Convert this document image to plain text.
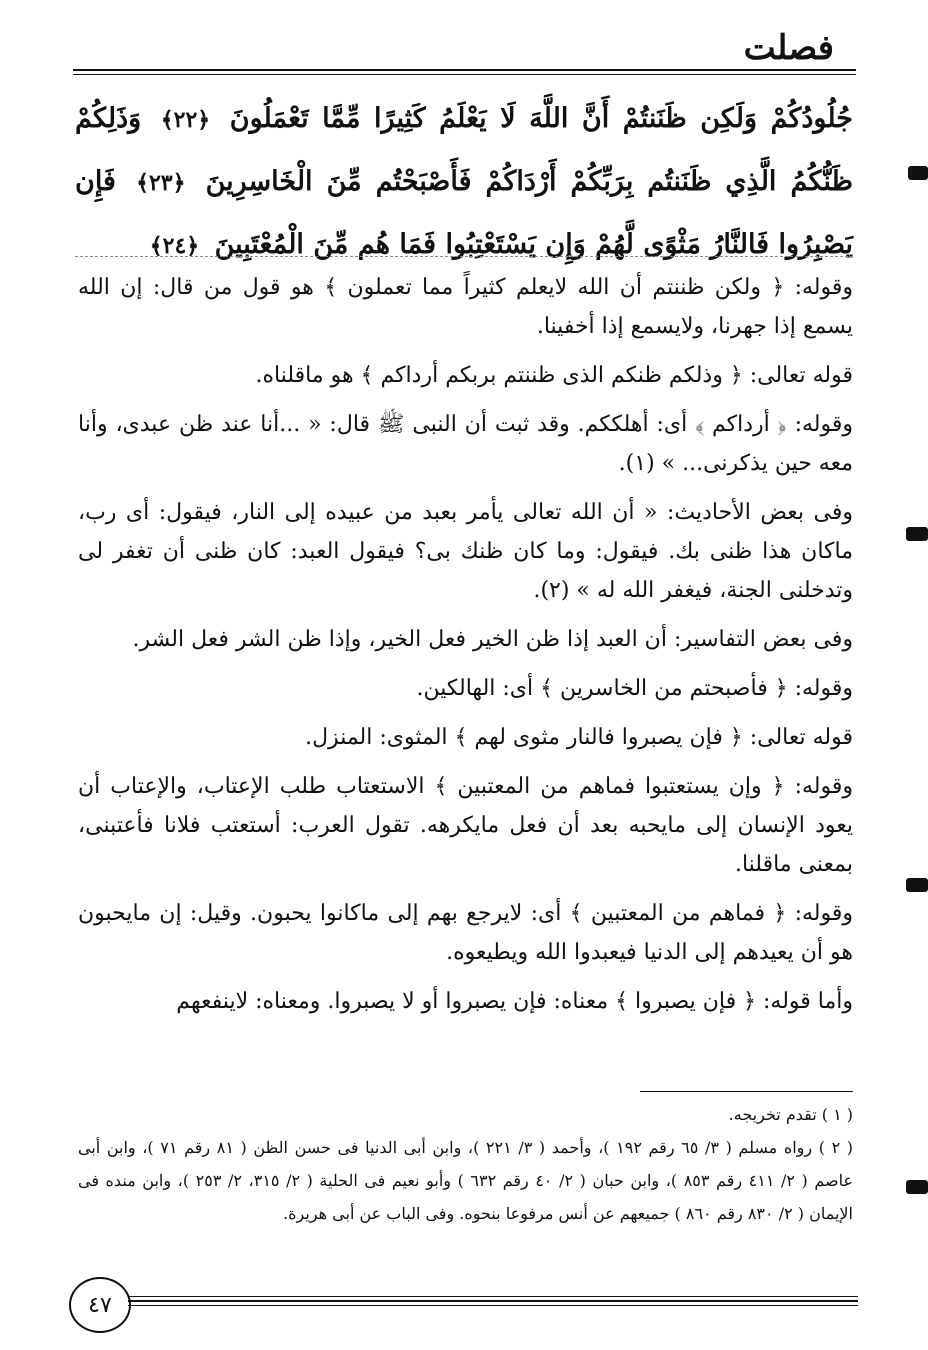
فصلت
جُلُودُكُمْ وَلَكِن ظَنَنتُمْ أَنَّ اللَّهَ لَا يَعْلَمُ كَثِيرًا مِّمَّا تَعْمَلُونَ ﴿٢٢﴾ وَذَلِكُمْ ظَنُّكُمُ الَّذِي ظَنَنتُم بِرَبِّكُمْ أَرْدَاكُمْ فَأَصْبَحْتُم مِّنَ الْخَاسِرِينَ ﴿٢٣﴾ فَإِن يَصْبِرُوا فَالنَّارُ مَثْوًى لَّهُمْ وَإِن يَسْتَعْتِبُوا فَمَا هُم مِّنَ الْمُعْتَبِينَ ﴿٢٤﴾

وقوله: ﴿ ولكن ظننتم أن الله لايعلم كثيراً مما تعملون ﴾ هو قول من قال: إن الله يسمع إذا جهرنا، ولايسمع إذا أخفينا.

قوله تعالى: ﴿ وذلكم ظنكم الذى ظننتم بربكم أرداكم ﴾ هو ماقلناه.

وقوله: ﴿ أرداكم ﴾ أى: أهلككم. وقد ثبت أن النبى ﷺ قال: « ...أنا عند ظن عبدى، وأنا معه حين يذكرنى... » (١).

وفى بعض الأحاديث: « أن الله تعالى يأمر بعبد من عبيده إلى النار، فيقول: أى رب، ماكان هذا ظنى بك. فيقول: وما كان ظنك بى؟ فيقول العبد: كان ظنى أن تغفر لى وتدخلنى الجنة، فيغفر الله له » (٢).

وفى بعض التفاسير: أن العبد إذا ظن الخير فعل الخير، وإذا ظن الشر فعل الشر.

وقوله: ﴿ فأصبحتم من الخاسرين ﴾ أى: الهالكين.

قوله تعالى: ﴿ فإن يصبروا فالنار مثوى لهم ﴾ المثوى: المنزل.

وقوله: ﴿ وإن يستعتبوا فماهم من المعتبين ﴾ الاستعتاب طلب الإعتاب، والإعتاب أن يعود الإنسان إلى مايحبه بعد أن فعل مايكرهه. تقول العرب: أستعتب فلانا فأعتبنى، بمعنى ماقلنا.

وقوله: ﴿ فماهم من المعتبين ﴾ أى: لايرجع بهم إلى ماكانوا يحبون. وقيل: إن مايحبون هو أن يعيدهم إلى الدنيا فيعبدوا الله ويطيعوه.

وأما قوله: ﴿ فإن يصبروا ﴾ معناه: فإن يصبروا أو لا يصبروا. ومعناه: لاينفعهم

( ١ ) تقدم تخريجه.

( ٢ ) رواه مسلم ( ٣/ ٦٥ رقم ١٩٢ )، وأحمد ( ٣/ ٢٢١ )، وابن أبى الدنيا فى حسن الظن ( ٨١ رقم ٧١ )، وابن أبى عاصم ( ٢/ ٤١١ رقم ٨٥٣ )، وابن حبان ( ٢/ ٤٠ رقم ٦٣٢ ) وأبو نعيم فى الحلية ( ٢/ ٣١٥، ٢/ ٢٥٣ )، وابن منده فى الإيمان ( ٢/ ٨٣٠ رقم ٨٦٠ ) جميعهم عن أنس مرفوعا بنحوه. وفى الباب عن أبى هريرة.

٤٧
